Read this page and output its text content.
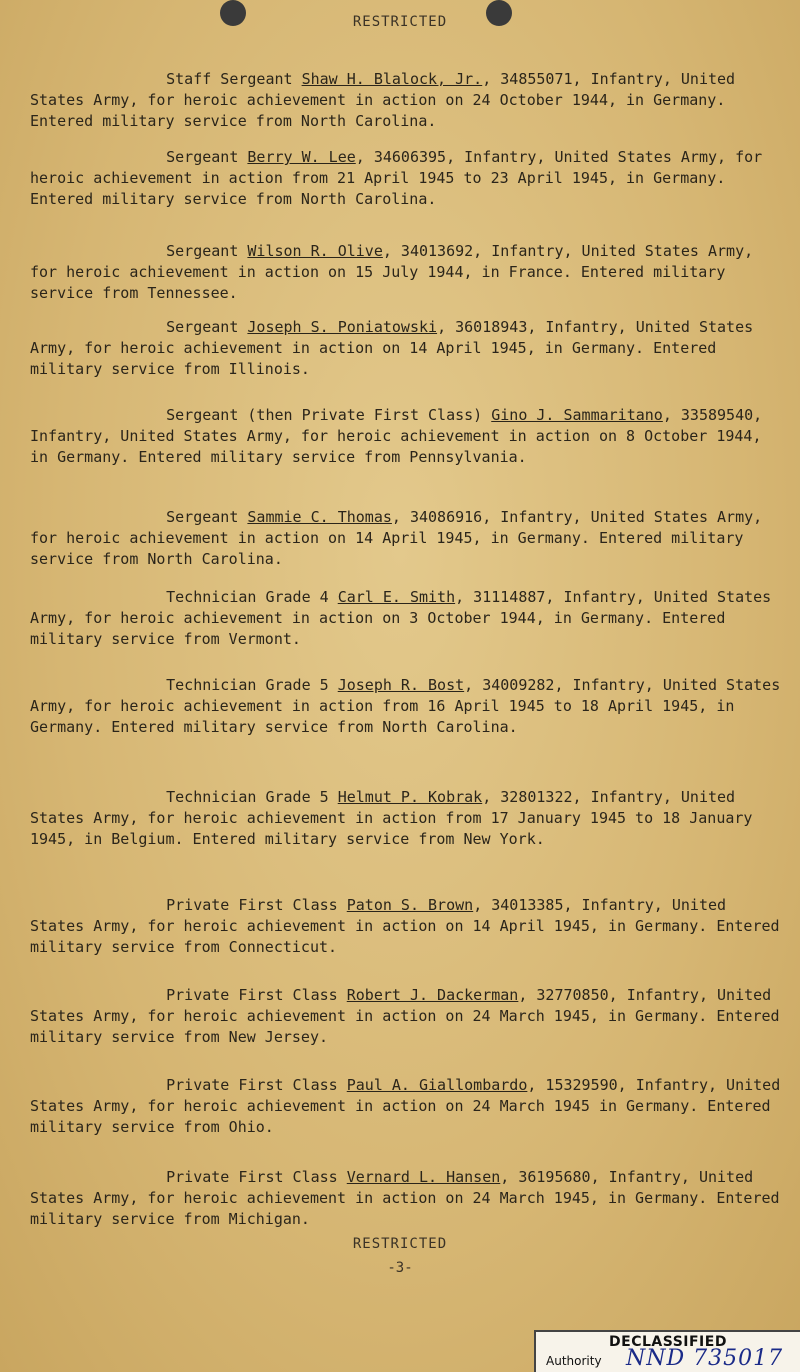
RESTRICTED

Staff Sergeant Shaw H. Blalock, Jr., 34855071, Infantry, United States Army, for heroic achievement in action on 24 October 1944, in Germany. Entered military service from North Carolina.

Sergeant Berry W. Lee, 34606395, Infantry, United States Army, for heroic achievement in action from 21 April 1945 to 23 April 1945, in Germany. Entered military service from North Carolina.

Sergeant Wilson R. Olive, 34013692, Infantry, United States Army, for heroic achievement in action on 15 July 1944, in France. Entered military service from Tennessee.

Sergeant Joseph S. Poniatowski, 36018943, Infantry, United States Army, for heroic achievement in action on 14 April 1945, in Germany. Entered military service from Illinois.

Sergeant (then Private First Class) Gino J. Sammaritano, 33589540, Infantry, United States Army, for heroic achievement in action on 8 October 1944, in Germany. Entered military service from Pennsylvania.

Sergeant Sammie C. Thomas, 34086916, Infantry, United States Army, for heroic achievement in action on 14 April 1945, in Germany. Entered military service from North Carolina.

Technician Grade 4 Carl E. Smith, 31114887, Infantry, United States Army, for heroic achievement in action on 3 October 1944, in Germany. Entered military service from Vermont.

Technician Grade 5 Joseph R. Bost, 34009282, Infantry, United States Army, for heroic achievement in action from 16 April 1945 to 18 April 1945, in Germany. Entered military service from North Carolina.

Technician Grade 5 Helmut P. Kobrak, 32801322, Infantry, United States Army, for heroic achievement in action from 17 January 1945 to 18 January 1945, in Belgium. Entered military service from New York.

Private First Class Paton S. Brown, 34013385, Infantry, United States Army, for heroic achievement in action on 14 April 1945, in Germany. Entered military service from Connecticut.

Private First Class Robert J. Dackerman, 32770850, Infantry, United States Army, for heroic achievement in action on 24 March 1945, in Germany. Entered military service from New Jersey.

Private First Class Paul A. Giallombardo, 15329590, Infantry, United States Army, for heroic achievement in action on 24 March 1945 in Germany. Entered military service from Ohio.

Private First Class Vernard L. Hansen, 36195680, Infantry, United States Army, for heroic achievement in action on 24 March 1945, in Germany. Entered military service from Michigan.

RESTRICTED
-3-
DECLASSIFIED
Authority NND 735017
